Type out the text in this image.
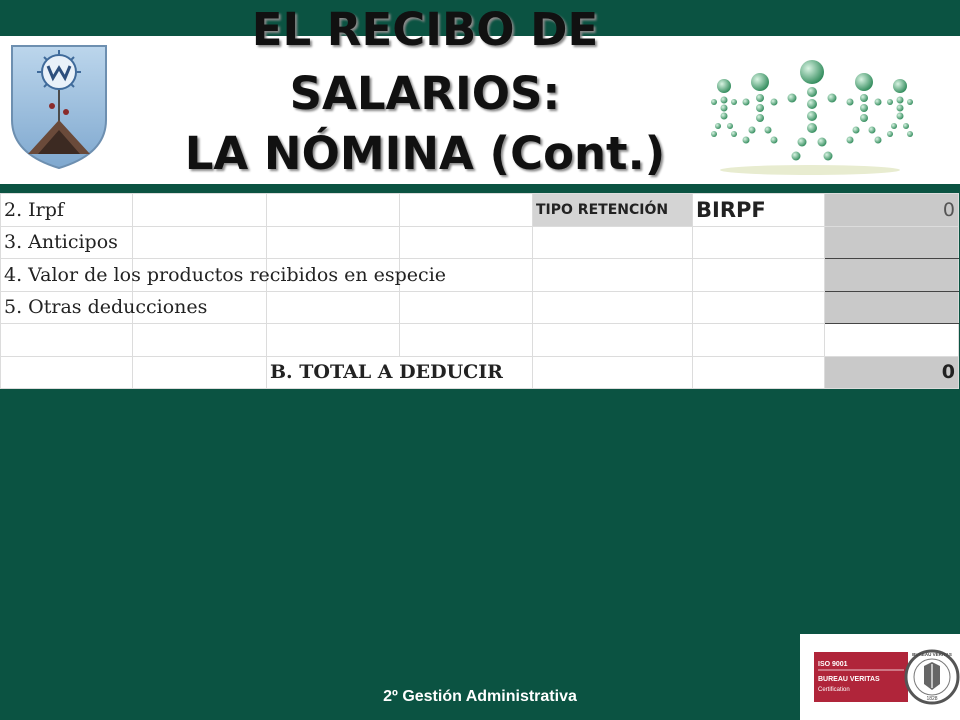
EL RECIBO DE
SALARIOS:
LA NÓMINA (Cont.)
2. Irpf				TIPO RETENCIÓN	BIRPF	0
3. Anticipos						
4. Valor de los productos recibidos en especie						
5. Otras deducciones						

		B. TOTAL A DEDUCIR				0
2º Gestión Administrativa
ISO 9001
BUREAU VERITAS
Certification
BUREAU VERITAS
1828
